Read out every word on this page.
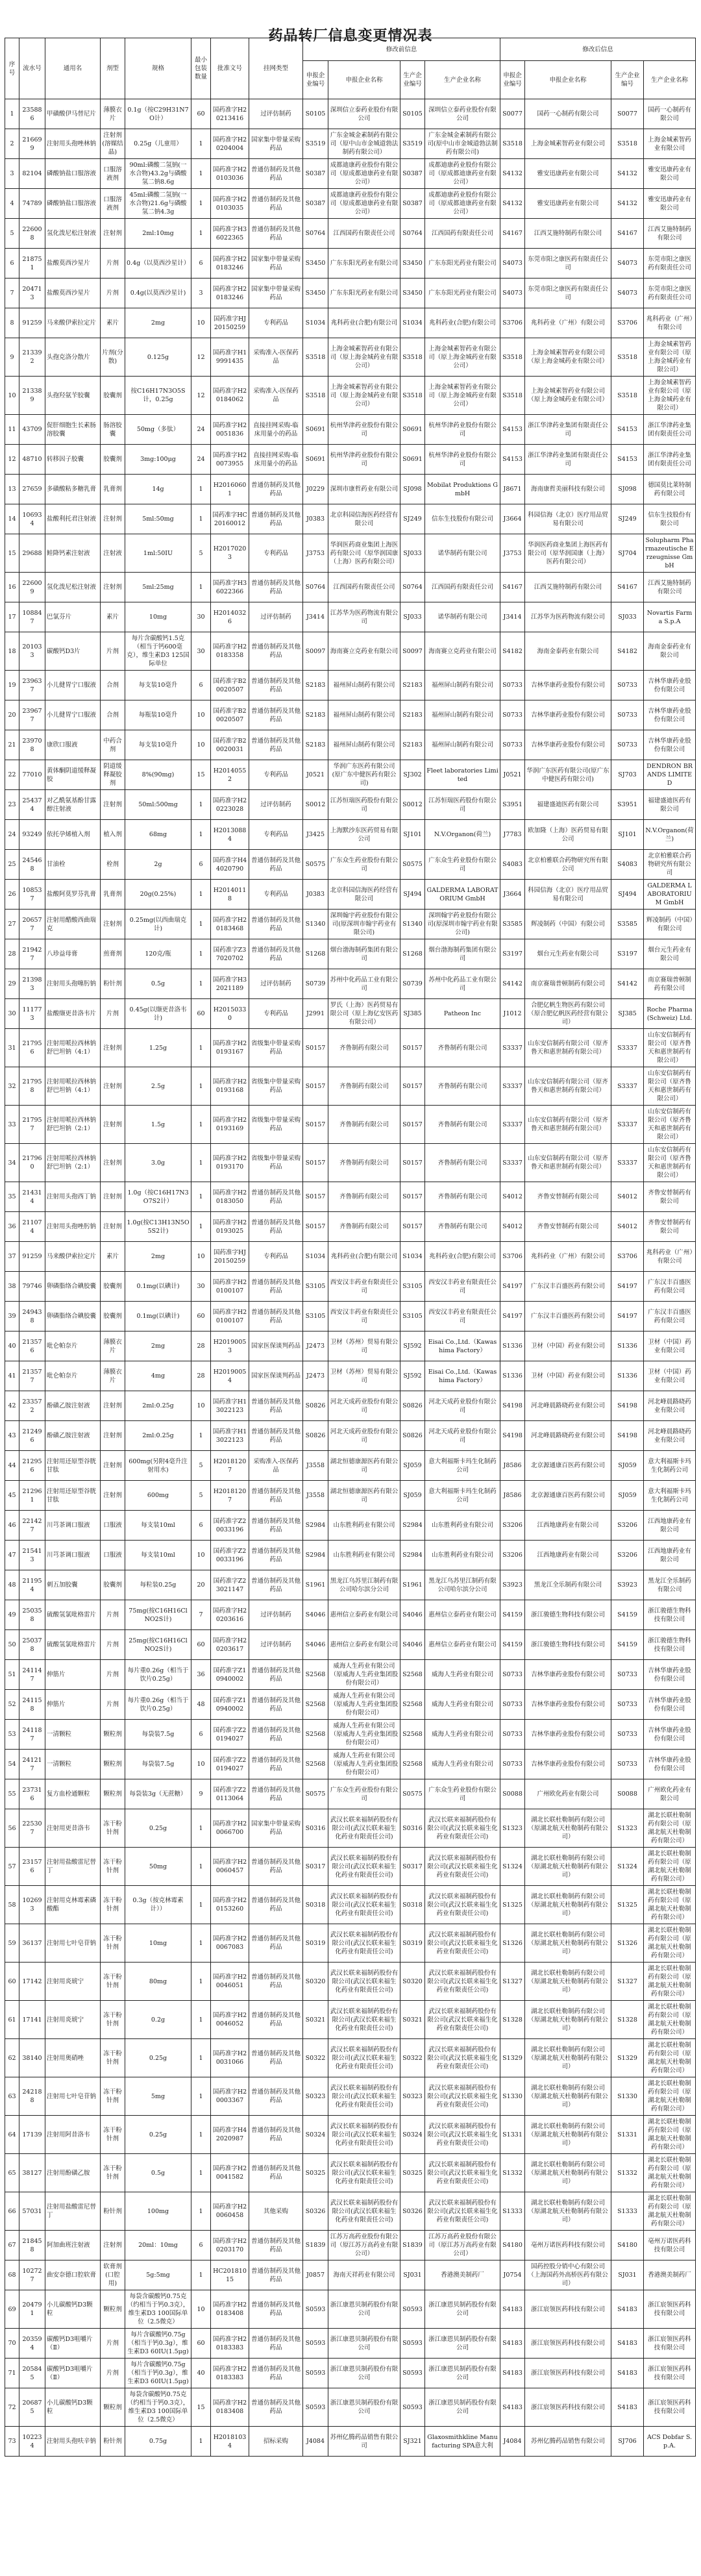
药品转厂信息变更情况表
序号	流水号	通用名	剂型	规格	最小包装数量	批准文号	挂网类型	修改前信息				修改后信息			
								申报企业编号	申报企业名称	生产企业编号	生产企业名称	申报企业编号	申报企业名称	生产企业编号	生产企业名称
1	235886	甲磺酸伊马替尼片	薄膜衣片	0.1g（按C29H31N7O计）	60	国药准字H20213416	过评仿制药	S0105	深圳信立泰药业股份有限公司	S0105	深圳信立泰药业股份有限公司	S0077	国药一心制药有限公司	S0077	国药一心制药有限公司
2	216699	注射用头孢唑林钠	注射剂(溶媒结晶)	0.25g（儿童用）	1	国药准字H20204004	国家集中带量采购药品	S3519	广东金城金素制药有限公司（原中山市金城道勃法制药有限公司）	S3519	广东金城金素制药有限公司(原中山市金城道勃法制药有限公司)	S3518	上海金城素智药业有限公司	S3518	上海金城素智药业有限公司
3	82104	磷酸钠盐口服溶液	口服溶液剂	90ml:磷酸二氢钠(一水合物)43.2g与磷酸氢二钠8.6g	1	国药准字H20103036	普通仿制药及其他药品	S0387	成都迪康药业股份有限公司（原成都迪康药业有限公司）	S0387	成都迪康药业股份有限公司（原成都迪康药业有限公司）	S4132	雅安迅康药业有限公司	S4132	雅安迅康药业有限公司
4	74789	磷酸钠盐口服溶液	口服溶液剂	45ml:磷酸二氢钠(一水合物)21.6g与磷酸氢二钠4.3g	1	国药准字H20103035	普通仿制药及其他药品	S0387	成都迪康药业股份有限公司（原成都迪康药业有限公司）	S0387	成都迪康药业股份有限公司（原成都迪康药业有限公司）	S4132	雅安迅康药业有限公司	S4132	雅安迅康药业有限公司
5	226008	氢化泼尼松注射液	注射剂	2ml:10mg	1	国药准字H36022365	普通仿制药及其他药品	S0764	江西国药有限责任公司	S0764	江西国药有限责任公司	S4167	江西艾施特制药有限公司	S4167	江西艾施特制药有限公司
6	218751	盐酸莫西沙星片	片剂	0.4g（以莫西沙星计）	6	国药准字H20183246	国家集中带量采购药品	S3450	广东东阳光药业有限公司	S3450	广东东阳光药业有限公司	S4073	东莞市阳之康医药有限责任公司	S4073	东莞市阳之康医药有限责任公司
7	204713	盐酸莫西沙星片	片剂	0.4g(以莫西沙星计)	3	国药准字H20183246	国家集中带量采购药品	S3450	广东东阳光药业有限公司	S3450	广东东阳光药业有限公司	S4073	东莞市阳之康医药有限责任公司	S4073	东莞市阳之康医药有限责任公司
8	91259	马来酸伊索拉定片	素片	2mg	10	国药准字HJ20150259	专利药品	S1034	兆科药业(合肥)有限公司	S1034	兆科药业(合肥)有限公司	S3706	兆科药业（广州）有限公司	S3706	兆科药业（广州）有限公司
9	213392	头孢克洛分散片	片剂(分散)	0.125g	12	国药准字H19991435	采购准入-医保药品	S3518	上海金城素智药业有限公司（原上海金城药业有限公司）	S3518	上海金城素智药业有限公司（原上海金城药业有限公司）	S3518	上海金城素智药业有限公司（原上海金城药业有限公司）	S3518	上海金城素智药业有限公司（原上海金城药业有限公司）
10	213389	头孢羟氨苄胶囊	胶囊剂	按C16H17N3O5S计，0.25g	12	国药准字H20184062	采购准入-医保药品	S3518	上海金城素智药业有限公司（原上海金城药业有限公司）	S3518	上海金城素智药业有限公司（原上海金城药业有限公司）	S3518	上海金城素智药业有限公司（原上海金城药业有限公司）	S3518	上海金城素智药业有限公司（原上海金城药业有限公司）
11	43709	促肝细胞生长素肠溶胶囊	肠溶胶囊	50mg（多肽）	24	国药准字H20051836	直接挂网采购-临床用量小的药品	S0691	杭州华津药业股份有限公司	S0691	杭州华津药业股份有限公司	S4153	浙江华津药业集团有限责任公司	S4153	浙江华津药业集团有限责任公司
12	48710	转移因子胶囊	胶囊剂	3mg:100μg	24	国药准字H20073955	直接挂网采购-临床用量小的药品	S0691	杭州华津药业股份有限公司	S0691	杭州华津药业股份有限公司	S4153	浙江华津药业集团有限责任公司	S4153	浙江华津药业集团有限责任公司
13	27659	多磺酸粘多糖乳膏	乳膏剂	14g	1	H20160601	普通仿制药及其他药品	J0229	深圳市康哲药业有限公司	SJ098	Mobilat Produktions GmbH	J8671	海南康哲美丽科技有限公司	SJ098	德国莫比莱特制药有限公司
14	106934	盐酸利托君注射液	注射剂	5ml:50mg	1	国药准字HC20160012	普通仿制药及其他药品	J0383	北京科园信海医药经营有限公司	SJ249	信东生技股份有限公司	J3664	科园信海（北京）医疗用品贸易有限公司	SJ249	信东生技股份有限公司
15	29688	鲑降钙素注射液	注射液	1ml:50IU	5	H20170203	专利药品	J3753	华润医药商业集团上海医药有限公司（原华润国康（上海）医药有限公司）	SJ033	诺华制药有限公司	J3753	华润医药商业集团上海医药有限公司（原华润国康（上海）医药有限公司）	SJ704	Solupharm Pharmazeutische Erzeugnisse GmbH
16	226009	氢化泼尼松注射液	注射剂	5ml:25mg	1	国药准字H36022366	普通仿制药及其他药品	S0764	江西国药有限责任公司	S0764	江西国药有限责任公司	S4167	江西艾施特制药有限公司	S4167	江西艾施特制药有限公司
17	108847	巴氯芬片	素片	10mg	30	H20140326	过评仿制药	J3414	江苏华为医药物流有限公司	SJ033	诺华制药有限公司	J3414	江苏华为医药物流有限公司	SJ033	Novartis Farma S.p.A
18	201033	碳酸钙D3片	片剂	每片含碳酸钙1.5克（相当于钙600毫克），维生素D3 125国际单位	30	国药准字H20183358	普通仿制药及其他药品	S0097	海南赛立克药业有限公司	S0097	海南赛立克药业有限公司	S4182	海南金泰药业有限公司	S4182	海南金泰药业有限公司
19	239637	小儿健胃宁口服液	合剂	每支装10毫升	6	国药准字B20020507	普通仿制药及其他药品	S2183	福州屏山制药有限公司	S2183	福州屏山制药有限公司	S0733	吉林华康药业股份有限公司	S0733	吉林华康药业股份有限公司
20	239677	小儿健胃宁口服液	合剂	每瓶装10毫升	10	国药准字B20020507	普通仿制药及其他药品	S2183	福州屏山制药有限公司	S2183	福州屏山制药有限公司	S0733	吉林华康药业股份有限公司	S0733	吉林华康药业股份有限公司
21	239708	康欣口服液	中药合剂	每支装10毫升	10	国药准字B20020031	普通仿制药及其他药品	S2183	福州屏山制药有限公司	S2183	福州屏山制药有限公司	S0733	吉林华康药业股份有限公司	S0733	吉林华康药业股份有限公司
22	77010	黄体酮阴道缓释凝胶	阴道缓释凝胶剂	8%(90mg)	15	H20140552	专利药品	J0521	华润广东医药有限公司(原广东中健医药有限公司)	SJ302	Fleet laboratories Limited	J0521	华润广东医药有限公司(原广东中健医药有限公司)	SJ703	DENDRON BRANDS LIMITED
23	254374	对乙酰氨基酚甘露醇注射液	注射剂	50ml:500mg	1	国药准字H20223028	过评仿制药	S0012	江苏恒瑞医药股份有限公司	S0012	江苏恒瑞医药股份有限公司	S3951	福建盛迪医药有限公司	S3951	福建盛迪医药有限公司
24	93249	依托孕烯植入剂	植入剂	68mg	1	H20130884	专利药品	J3425	上海默沙东医药贸易有限公司	SJ101	N.V.Organon(荷兰)	J7783	欧加隆（上海）医药贸易有限公司	SJ101	N.V.Organon(荷兰)
25	245468	甘油栓	栓剂	2g	6	国药准字H44020790	普通仿制药及其他药品	S0575	广东众生药业股份有限公司	S0575	广东众生药业股份有限公司	S4083	北京柏雅联合药物研究所有限公司	S4083	北京柏雅联合药物研究所有限公司
26	108537	盐酸阿莫罗芬乳膏	乳膏剂	20g(0.25%)	1	H20140118	专利药品	J0383	北京科园信海医药经营有限公司	SJ494	GALDERMA LABORATORIUM GmbH	J3664	科园信海（北京）医疗用品贸易有限公司	SJ494	GALDERMA LABORATORIUM GmbH
27	206577	注射用醋酸西曲瑞克	注射剂	0.25mg(以西曲瑞克计)	1	国药准字H20183468	普通仿制药及其他药品	S1340	深圳翰宇药业股份有限公司(原深圳市翰宇药业有限公司)	S1340	深圳翰宇药业股份有限公司(原深圳市翰宇药业有限公司)	S3585	辉凌制药（中国）有限公司	S3585	辉凌制药（中国）有限公司
28	219427	八珍益母膏	煎膏剂	120克/瓶	1	国药准字Z37020702	普通仿制药及其他药品	S1268	烟台渤海制药集团有限公司	S1268	烟台渤海制药集团有限公司	S3197	烟台元生药业有限公司	S3197	烟台元生药业有限公司
29	213983	注射用头孢噻肟钠	粉针剂	0.5g	1	国药准字H32021189	过评仿制药	S0739	苏州中化药品工业有限公司	S0739	苏州中化药品工业有限公司	S4142	南京赛瑞普顿制药有限公司	S4142	南京赛瑞普顿制药有限公司
30	111773	盐酸缬更昔洛韦片	片剂	0.45g(以缬更昔洛韦计)	60	H20150330	专利药品	J2991	罗氏（上海）医药贸易有限公司（原上海亿安医药有限公司）	SJ385	Patheon Inc	J1012	合肥亿帆生物医药有限公司（原合肥亿帆医药经营有限公司）	SJ385	Roche Pharma (Schweiz) Ltd.
31	217956	注射用哌拉西林钠舒巴坦钠（4:1）	注射剂	1.25g	1	国药准字H20193167	省级集中带量采购药品	S0157	齐鲁制药有限公司	S0157	齐鲁制药有限公司	S3337	山东安信制药有限公司（原齐鲁天和惠世制药有限公司）	S3337	山东安信制药有限公司（原齐鲁天和惠世制药有限公司）
32	217958	注射用哌拉西林钠舒巴坦钠（4:1）	注射剂	2.5g	1	国药准字H20193168	省级集中带量采购药品	S0157	齐鲁制药有限公司	S0157	齐鲁制药有限公司	S3337	山东安信制药有限公司（原齐鲁天和惠世制药有限公司）	S3337	山东安信制药有限公司（原齐鲁天和惠世制药有限公司）
33	217957	注射用哌拉西林钠舒巴坦钠（2:1）	注射剂	1.5g	1	国药准字H20193169	省级集中带量采购药品	S0157	齐鲁制药有限公司	S0157	齐鲁制药有限公司	S3337	山东安信制药有限公司（原齐鲁天和惠世制药有限公司）	S3337	山东安信制药有限公司（原齐鲁天和惠世制药有限公司）
34	217960	注射用哌拉西林钠舒巴坦钠（2:1）	注射剂	3.0g	1	国药准字H20193170	省级集中带量采购药品	S0157	齐鲁制药有限公司	S0157	齐鲁制药有限公司	S3337	山东安信制药有限公司（原齐鲁天和惠世制药有限公司）	S3337	山东安信制药有限公司（原齐鲁天和惠世制药有限公司）
35	214314	注射用头孢西丁钠	注射剂	1.0g（按C16H17N3O7S2计）	1	国药准字H20183050	普通仿制药及其他药品	S0157	齐鲁制药有限公司	S0157	齐鲁制药有限公司	S4012	齐鲁安替制药有限公司	S4012	齐鲁安替制药有限公司
36	211074	注射用头孢唑肟钠	注射剂	1.0g(按C13H13N5O5S2计)	1	国药准字H20193025	普通仿制药及其他药品	S0157	齐鲁制药有限公司	S0157	齐鲁制药有限公司	S4012	齐鲁安替制药有限公司	S4012	齐鲁安替制药有限公司
37	91259	马来酸伊索拉定片	素片	2mg	10	国药准字HJ20150259	专利药品	S1034	兆科药业(合肥)有限公司	S1034	兆科药业(合肥)有限公司	S3706	兆科药业（广州）有限公司	S3706	兆科药业（广州）有限公司
38	79746	卵磷脂络合碘胶囊	胶囊剂	0.1mg(以碘计)	30	国药准字H20100107	普通仿制药及其他药品	S3105	西安汉丰药业有限责任公司	S3105	西安汉丰药业有限责任公司	S4197	广东汉丰百盛医药有限公司	S4197	广东汉丰百盛医药有限公司
39	249438	卵磷脂络合碘胶囊	胶囊剂	0.1mg(以碘计)	60	国药准字H20100107	普通仿制药及其他药品	S3105	西安汉丰药业有限责任公司	S3105	西安汉丰药业有限责任公司	S4197	广东汉丰百盛医药有限公司	S4197	广东汉丰百盛医药有限公司
40	213576	吡仑帕奈片	薄膜衣片	2mg	28	H20190053	国家医保谈判药品	J2473	卫材（苏州）贸易有限公司	SJ592	Eisai Co.,Ltd.（Kawashima Factory）	S1336	卫材（中国）药业有限公司	S1336	卫材（中国）药业有限公司
41	213577	吡仑帕奈片	薄膜衣片	4mg	28	H20190054	国家医保谈判药品	J2473	卫材（苏州）贸易有限公司	SJ592	Eisai Co.,Ltd.（Kawashima Factory）	S1336	卫材（中国）药业有限公司	S1336	卫材（中国）药业有限公司
42	233572	酚磺乙胺注射液	注射剂	2ml:0.25g	10	国药准字H13022123	普通仿制药及其他药品	S0826	河北天成药业股份有限公司	S0826	河北天成药业股份有限公司	S4198	河北峰晨路晓药业有限公司	S4198	河北峰晨路晓药业有限公司
43	212496	酚磺乙胺注射液	注射剂	2ml:0.25g	1	国药准字H13022123	普通仿制药及其他药品	S0826	河北天成药业股份有限公司	S0826	河北天成药业股份有限公司	S4198	河北峰晨路晓药业有限公司	S4198	河北峰晨路晓药业有限公司
44	212956	注射用还原型谷胱甘肽	注射剂	600mg(另附4毫升注射用水)	5	H20181207	采购准入-医保药品	J3558	湖北恒德康源医药有限公司	SJ059	意大利福斯卡玛生化制药公司	J8586	北京源通康百医药有限公司	SJ059	意大利福斯卡玛生化制药公司
45	212961	注射用还原型谷胱甘肽	注射剂	600mg	5	H20181207	普通仿制药及其他药品	J3558	湖北恒德康源医药有限公司	SJ059	意大利福斯卡玛生化制药公司	J8586	北京源通康百医药有限公司	SJ059	意大利福斯卡玛生化制药公司
46	221427	川芎茶调口服液	口服液	每支装10ml	6	国药准字Z20033196	普通仿制药及其他药品	S2984	山东胜利药业有限公司	S2984	山东胜利药业有限公司	S3206	江西地康药业有限公司	S3206	江西地康药业有限公司
47	215413	川芎茶调口服液	口服液	每支装10ml	10	国药准字Z20033196	普通仿制药及其他药品	S2984	山东胜利药业有限公司	S2984	山东胜利药业有限公司	S3206	江西地康药业有限公司	S3206	江西地康药业有限公司
48	211954	刺五加胶囊	胶囊剂	每粒装0.25g	20	国药准字Z23021147	普通仿制药及其他药品	S1961	黑龙江乌苏里江制药有限公司哈尔滨分公司	S1961	黑龙江乌苏里江制药有限公司哈尔滨分公司	S3923	黑龙江全乐制药有限公司	S3923	黑龙江全乐制药有限公司
49	250358	硫酸氢氯吡格雷片	片剂	75mg(按C16H16ClNO2S计)	7	国药准字H20203616	过评仿制药	S4046	惠州信立泰药业有限公司	S4046	惠州信立泰药业有限公司	S4159	浙江骏德生物科技有限公司	S4159	浙江骏德生物科技有限公司
50	250378	硫酸氢氯吡格雷片	片剂	25mg(按C16H16ClNO2S计)	60	国药准字H20203617	过评仿制药	S4046	惠州信立泰药业有限公司	S4046	惠州信立泰药业有限公司	S4159	浙江骏德生物科技有限公司	S4159	浙江骏德生物科技有限公司
51	241147	伸筋片	片剂	每片重0.26g（相当于饮片0.25g）	36	国药准字Z10940002	普通仿制药及其他药品	S2568	威海人生药业有限公司（原威海人生药业集团股份有限公司）	S2568	威海人生药业有限公司	S0733	吉林华康药业股份有限公司	S0733	吉林华康药业股份有限公司
52	241158	伸筋片	片剂	每片重0.26g（相当于饮片0.25g）	48	国药准字Z10940002	普通仿制药及其他药品	S2568	威海人生药业有限公司（原威海人生药业集团股份有限公司）	S2568	威海人生药业有限公司	S0733	吉林华康药业股份有限公司	S0733	吉林华康药业股份有限公司
53	241187	一清颗粒	颗粒剂	每袋装7.5g	6	国药准字Z20194027	普通仿制药及其他药品	S2568	威海人生药业有限公司（原威海人生药业集团股份有限公司）	S2568	威海人生药业有限公司	S0733	吉林华康药业股份有限公司	S0733	吉林华康药业股份有限公司
54	241217	一清颗粒	颗粒剂	每袋装7.5g	10	国药准字Z20194027	普通仿制药及其他药品	S2568	威海人生药业有限公司（原威海人生药业集团股份有限公司）	S2568	威海人生药业有限公司	S0733	吉林华康药业股份有限公司	S0733	吉林华康药业股份有限公司
55	237316	复方血栓通颗粒	颗粒剂	每袋装3g（无蔗糖）	9	国药准字Z20113064	普通仿制药及其他药品	S0575	广东众生药业股份有限公司	S0575	广东众生药业股份有限公司	S0088	广州欧化药业有限公司	S0088	广州欧化药业有限公司
56	225307	注射用更昔洛韦	冻干粉针剂	0.25g	1	国药准字H20066700	国家集中带量采购药品	S0316	武汉长联来福制药股份有限公司(武汉长联来福生化药业有限责任公司)	S0316	武汉长联来福制药股份有限公司(武汉长联来福生化药业有限责任公司)	S1323	湖北长联杜勒制药有限公司（原湖北航天杜勒制药有限公司）	S1323	湖北长联杜勒制药有限公司（原湖北航天杜勒制药有限公司）
57	231576	注射用盐酸雷尼替丁	冻干粉针剂	50mg	1	国药准字H20060457	普通仿制药及其他药品	S0317	武汉长联来福制药股份有限公司(武汉长联来福生化药业有限责任公司)	S0317	武汉长联来福制药股份有限公司(武汉长联来福生化药业有限责任公司)	S1324	湖北长联杜勒制药有限公司（原湖北航天杜勒制药有限公司）	S1324	湖北长联杜勒制药有限公司（原湖北航天杜勒制药有限公司）
58	102693	注射用克林霉素磷酸酯	冻干粉针剂	0.3g（按克林霉素计））	1	国药准字H20153260	普通仿制药及其他药品	S0318	武汉长联来福制药股份有限公司(武汉长联来福生化药业有限责任公司)	S0318	武汉长联来福制药股份有限公司(武汉长联来福生化药业有限责任公司)	S1325	湖北长联杜勒制药有限公司（原湖北航天杜勒制药有限公司）	S1325	湖北长联杜勒制药有限公司（原湖北航天杜勒制药有限公司）
59	36137	注射用七叶皂苷钠	冻干粉针剂	10mg	1	国药准字H20067083	普通仿制药及其他药品	S0319	武汉长联来福制药股份有限公司(武汉长联来福生化药业有限责任公司)	S0319	武汉长联来福制药股份有限公司(武汉长联来福生化药业有限责任公司)	S1326	湖北长联杜勒制药有限公司（原湖北航天杜勒制药有限公司）	S1326	湖北长联杜勒制药有限公司（原湖北航天杜勒制药有限公司）
60	17142	注射用炎琥宁	冻干粉针剂	80mg	1	国药准字H20046051	普通仿制药及其他药品	S0320	武汉长联来福制药股份有限公司(武汉长联来福生化药业有限责任公司)	S0320	武汉长联来福制药股份有限公司(武汉长联来福生化药业有限责任公司)	S1327	湖北长联杜勒制药有限公司（原湖北航天杜勒制药有限公司）	S1327	湖北长联杜勒制药有限公司（原湖北航天杜勒制药有限公司）
61	17141	注射用炎琥宁	冻干粉针剂	0.2g	1	国药准字H20046052	普通仿制药及其他药品	S0321	武汉长联来福制药股份有限公司(武汉长联来福生化药业有限责任公司)	S0321	武汉长联来福制药股份有限公司(武汉长联来福生化药业有限责任公司)	S1328	湖北长联杜勒制药有限公司（原湖北航天杜勒制药有限公司）	S1328	湖北长联杜勒制药有限公司（原湖北航天杜勒制药有限公司）
62	38140	注射用奥硝唑	冻干粉针剂	0.25g	1	国药准字H20031066	普通仿制药及其他药品	S0322	武汉长联来福制药股份有限公司(武汉长联来福生化药业有限责任公司)	S0322	武汉长联来福制药股份有限公司(武汉长联来福生化药业有限责任公司)	S1329	湖北长联杜勒制药有限公司（原湖北航天杜勒制药有限公司）	S1329	湖北长联杜勒制药有限公司（原湖北航天杜勒制药有限公司）
63	242188	注射用七叶皂苷钠	冻干粉针剂	5mg	1	国药准字H20003367	普通仿制药及其他药品	S0323	武汉长联来福制药股份有限公司(武汉长联来福生化药业有限责任公司)	S0323	武汉长联来福制药股份有限公司(武汉长联来福生化药业有限责任公司)	S1330	湖北长联杜勒制药有限公司（原湖北航天杜勒制药有限公司）	S1330	湖北长联杜勒制药有限公司（原湖北航天杜勒制药有限公司）
64	17139	注射用阿昔洛韦	冻干粉针剂	0.25g	1	国药准字H42020987	普通仿制药及其他药品	S0324	武汉长联来福制药股份有限公司(武汉长联来福生化药业有限责任公司)	S0324	武汉长联来福制药股份有限公司(武汉长联来福生化药业有限责任公司)	S1331	湖北长联杜勒制药有限公司（原湖北航天杜勒制药有限公司）	S1331	湖北长联杜勒制药有限公司（原湖北航天杜勒制药有限公司）
65	38127	注射用酚磺乙胺	冻干粉针剂	0.5g	1	国药准字H20041582	普通仿制药及其他药品	S0325	武汉长联来福制药股份有限公司(武汉长联来福生化药业有限责任公司)	S0325	武汉长联来福制药股份有限公司(武汉长联来福生化药业有限责任公司)	S1332	湖北长联杜勒制药有限公司（原湖北航天杜勒制药有限公司）	S1332	湖北长联杜勒制药有限公司（原湖北航天杜勒制药有限公司）
66	57031	注射用盐酸雷尼替丁	粉针剂	100mg	1	国药准字H20060458	其他采购	S0326	武汉长联来福制药股份有限公司(武汉长联来福生化药业有限责任公司)	S0326	武汉长联来福制药股份有限公司(武汉长联来福生化药业有限责任公司)	S1333	湖北长联杜勒制药有限公司（原湖北航天杜勒制药有限公司）	S1333	湖北长联杜勒制药有限公司（原湖北航天杜勒制药有限公司）
67	218458	阿加曲班注射液	注射剂	20ml：10mg	6	国药准字H20203170	普通仿制药及其他药品	S1839	江苏万高药业股份有限公司（原江苏万高药业有限公司）	S1839	江苏万高药业股份有限公司（原江苏万高药业有限公司）	S4180	亳州万诺医药科技有限公司	S4180	亳州万诺医药科技有限公司
68	102727	曲安奈德口腔软膏	软膏剂(口腔用)	5g:5mg	1	HC20181015	普通仿制药及其他药品	J0857	海南天祥药业有限公司	SJ031	香港澳美制药厂	J0754	国药控股分销中心有限公司（上海国药外高桥医药有限公司）	SJ031	香港澳美制药厂
69	204791	小儿碳酸钙D3颗粒	颗粒剂	每袋含碳酸钙0.75克（约相当于钙0.3克），维生素D3 100国际单位（2.5微克）	10	国药准字H20183408	普通仿制药及其他药品	S0593	浙江康恩贝制药股份有限公司	S0593	浙江康恩贝制药股份有限公司	S4183	浙江宸领医药科技有限公司	S4183	浙江宸领医药科技有限公司
70	203594	碳酸钙D3咀嚼片（Ⅱ）	片剂	每片含碳酸钙0.75g（相当于钙0.3g），维生素D3 60IU(1.5μg)	60	国药准字H20183383	普通仿制药及其他药品	S0593	浙江康恩贝制药股份有限公司	S0593	浙江康恩贝制药股份有限公司	S4183	浙江宸领医药科技有限公司	S4183	浙江宸领医药科技有限公司
71	205845	碳酸钙D3咀嚼片（Ⅱ）	片剂	每片含碳酸钙0.75g（相当于钙0.3g），维生素D3 60IU(1.5μg)	40	国药准字H20183383	普通仿制药及其他药品	S0593	浙江康恩贝制药股份有限公司	S0593	浙江康恩贝制药股份有限公司	S4183	浙江宸领医药科技有限公司	S4183	浙江宸领医药科技有限公司
72	206875	小儿碳酸钙D3颗粒	颗粒剂	每袋含碳酸钙0.75克（约相当于钙0.3克），维生素D3 100国际单位（2.5微克）	15	国药准字H20183408	普通仿制药及其他药品	S0593	浙江康恩贝制药股份有限公司	S0593	浙江康恩贝制药股份有限公司	S4183	浙江宸领医药科技有限公司	S4183	浙江宸领医药科技有限公司
73	102234	注射用头孢呋辛钠	粉针剂	0.75g	1	H20181034	招标采购	J4084	苏州亿腾药品销售有限公司	SJ321	Glaxosmithkline Manufacturing SPA意大利	J4084	苏州亿腾药品销售有限公司	SJ706	ACS Dobfar S.p.A.
